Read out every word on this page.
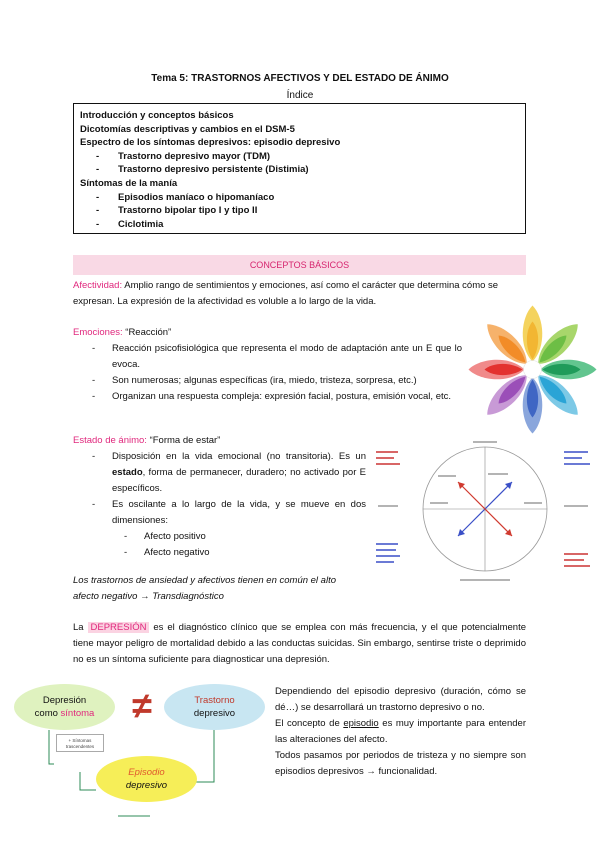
Tema 5: TRASTORNOS AFECTIVOS Y DEL ESTADO DE ÁNIMO
Índice
Introducción y conceptos básicos
Dicotomías descriptivas y cambios en el DSM-5
Espectro de los síntomas depresivos: episodio depresivo
- Trastorno depresivo mayor (TDM)
- Trastorno depresivo persistente (Distimia)
Síntomas de la manía
- Episodios maníaco o hipomaníaco
- Trastorno bipolar tipo I y tipo II
- Ciclotimia
CONCEPTOS BÁSICOS
Afectividad: Amplio rango de sentimientos y emociones, así como el carácter que determina cómo se expresan. La expresión de la afectividad es voluble a lo largo de la vida.
Emociones: “Reacción”
- Reacción psicofisiológica que representa el modo de adaptación ante un E que lo evoca.
- Son numerosas; algunas específicas (ira, miedo, tristeza, sorpresa, etc.)
- Organizan una respuesta compleja: expresión facial, postura, emisión vocal, etc.
Estado de ánimo: “Forma de estar”
- Disposición en la vida emocional (no transitoria). Es un estado, forma de permanecer, duradero; no activado por E específicos.
- Es oscilante a lo largo de la vida, y se mueve en dos dimensiones:
- Afecto positivo
- Afecto negativo
Los trastornos de ansiedad y afectivos tienen en común el alto afecto negativo → Transdiagnóstico
La DEPRESIÓN es el diagnóstico clínico que se emplea con más frecuencia, y el que potencialmente tiene mayor peligro de mortalidad debido a las conductas suicidas. Sin embargo, sentirse triste o deprimido no es un síntoma suficiente para diagnosticar una depresión.
Depresión
como síntoma ≠	Trastorno
depresivo
+ Síntomas
trascendentes
Episodio
depresivo
Dependiendo del episodio depresivo (duración, cómo se dé…) se desarrollará un trastorno depresivo o no.
El concepto de episodio es muy importante para entender las alteraciones del afecto.
Todos pasamos por periodos de tristeza y no siempre son episodios depresivos → funcionalidad.
